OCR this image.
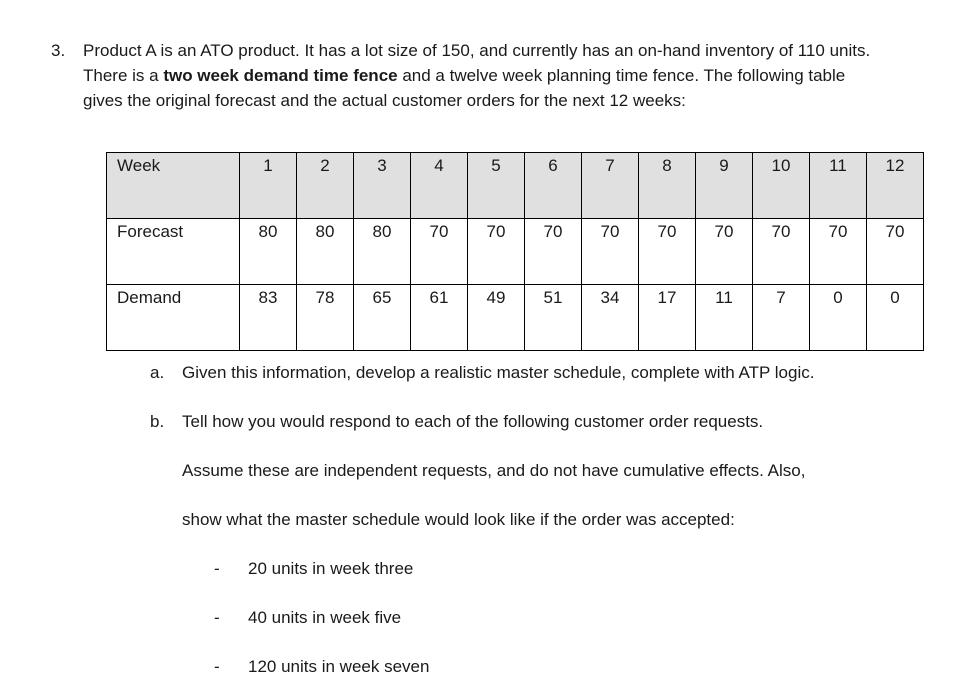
3. Product A is an ATO product. It has a lot size of 150, and currently has an on-hand inventory of 110 units. There is a two week demand time fence and a twelve week planning time fence. The following table gives the original forecast and the actual customer orders for the next 12 weeks:
Week	1	2	3	4	5	6	7	8	9	10	11	12

Forecast	80	80	80	70	70	70	70	70	70	70	70	70

Demand	83	78	65	61	49	51	34	17	11	7	0	0
a. Given this information, develop a realistic master schedule, complete with ATP logic.
b. Tell how you would respond to each of the following customer order requests.
Assume these are independent requests, and do not have cumulative effects. Also,
show what the master schedule would look like if the order was accepted:
- 20 units in week three
- 40 units in week five
- 120 units in week seven
